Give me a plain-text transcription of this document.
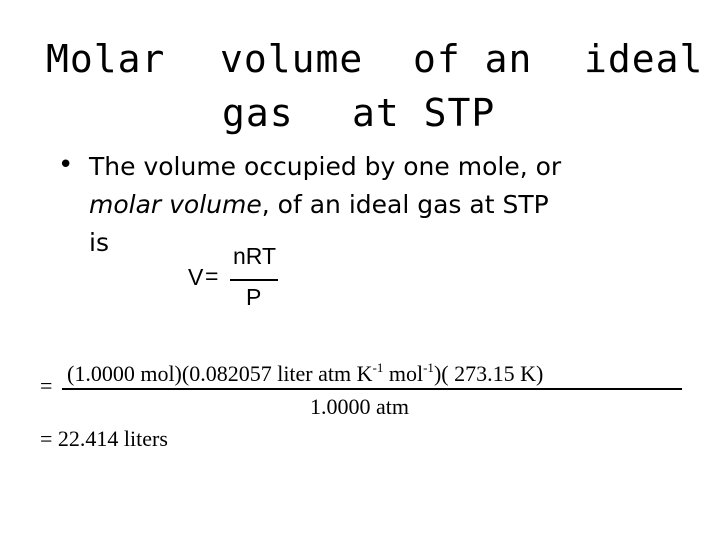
Molar volume of an ideal
gas at STP
• The volume occupied by one mole, or
molar volume, of an ideal gas at STP
is
V =
nRT
P
= (1.0000 mol)(0.082057 liter atm $K^{-1}$ mol$^{-1}$)( 273.15 K)
1.0000 atm
= 22.414 liters
